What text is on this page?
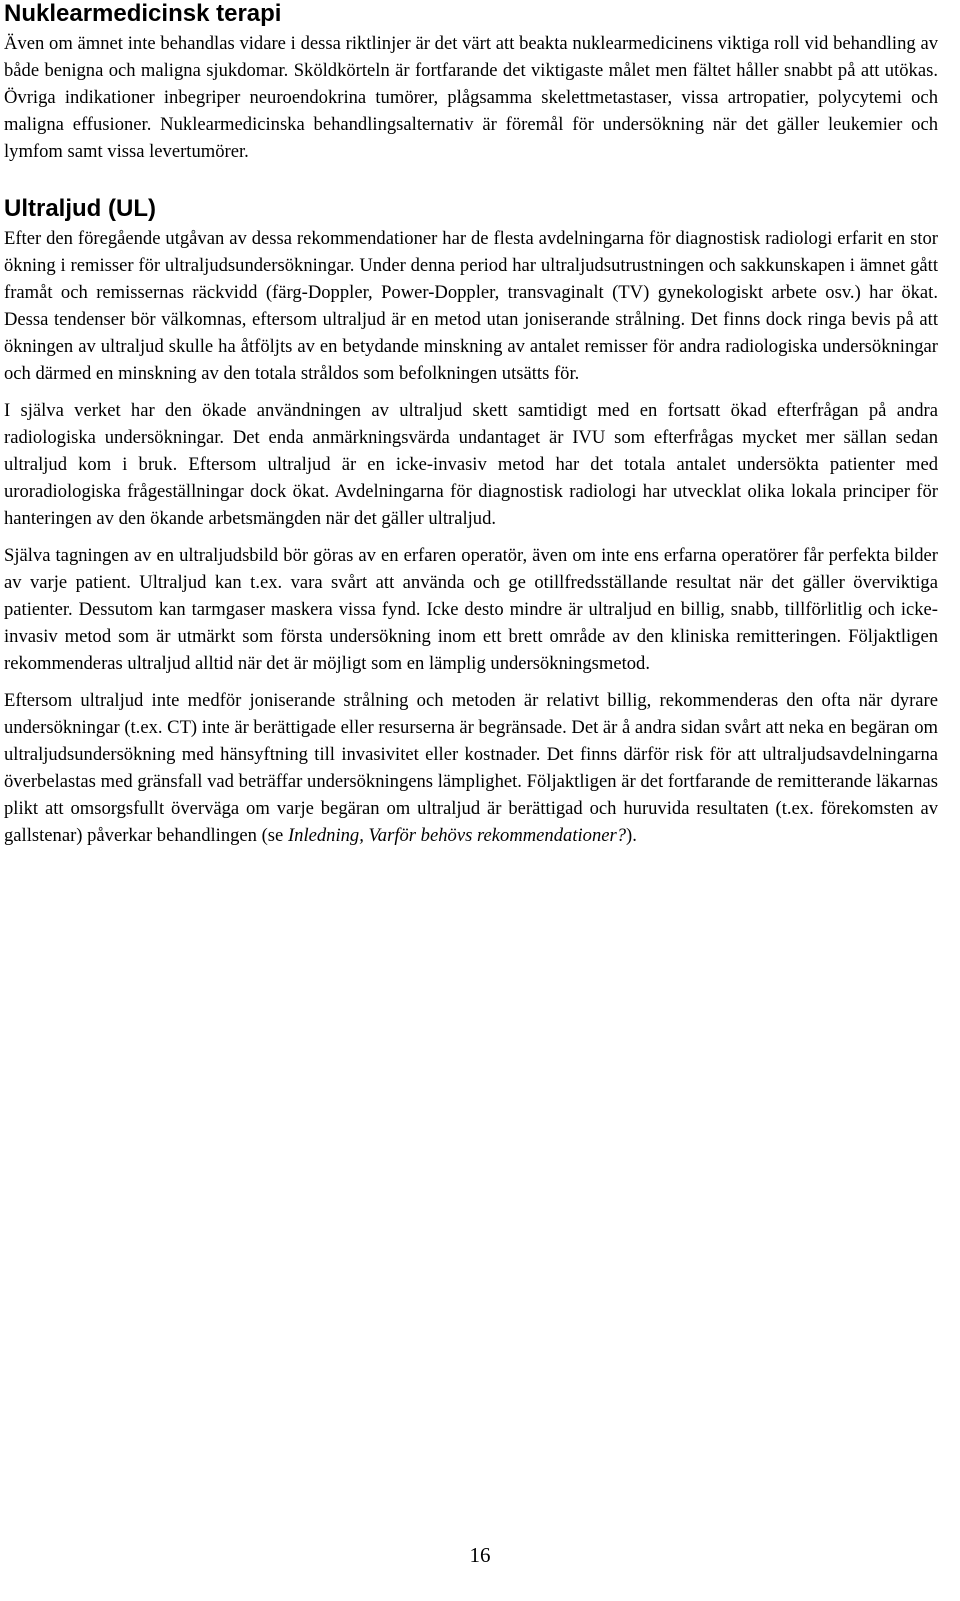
Nuklearmedicinsk terapi

Även om ämnet inte behandlas vidare i dessa riktlinjer är det värt att beakta nuklearmedicinens viktiga roll vid behandling av både benigna och maligna sjukdomar. Sköldkörteln är fortfarande det viktigaste målet men fältet håller snabbt på att utökas. Övriga indikationer inbegriper neuroendokrina tumörer, plågsamma skelettmetastaser, vissa artropatier, polycytemi och maligna effusioner. Nuklearmedicinska behandlingsalternativ är föremål för undersökning när det gäller leukemier och lymfom samt vissa levertumörer.

Ultraljud (UL)

Efter den föregående utgåvan av dessa rekommendationer har de flesta avdelningarna för diagnostisk radiologi erfarit en stor ökning i remisser för ultraljudsundersökningar. Under denna period har ultraljudsutrustningen och sakkunskapen i ämnet gått framåt och remissernas räckvidd (färg-Doppler, Power-Doppler, transvaginalt (TV) gynekologiskt arbete osv.) har ökat. Dessa tendenser bör välkomnas, eftersom ultraljud är en metod utan joniserande strålning. Det finns dock ringa bevis på att ökningen av ultraljud skulle ha åtföljts av en betydande minskning av antalet remisser för andra radiologiska undersökningar och därmed en minskning av den totala stråldos som befolkningen utsätts för.

I själva verket har den ökade användningen av ultraljud skett samtidigt med en fortsatt ökad efterfrågan på andra radiologiska undersökningar. Det enda anmärkningsvärda undantaget är IVU som efterfrågas mycket mer sällan sedan ultraljud kom i bruk. Eftersom ultraljud är en icke-invasiv metod har det totala antalet undersökta patienter med uroradiologiska frågeställningar dock ökat. Avdelningarna för diagnostisk radiologi har utvecklat olika lokala principer för hanteringen av den ökande arbetsmängden när det gäller ultraljud.

Själva tagningen av en ultraljudsbild bör göras av en erfaren operatör, även om inte ens erfarna operatörer får perfekta bilder av varje patient. Ultraljud kan t.ex. vara svårt att använda och ge otillfredsställande resultat när det gäller överviktiga patienter. Dessutom kan tarmgaser maskera vissa fynd. Icke desto mindre är ultraljud en billig, snabb, tillförlitlig och icke-invasiv metod som är utmärkt som första undersökning inom ett brett område av den kliniska remitteringen. Följaktligen rekommenderas ultraljud alltid när det är möjligt som en lämplig undersökningsmetod.

Eftersom ultraljud inte medför joniserande strålning och metoden är relativt billig, rekommenderas den ofta när dyrare undersökningar (t.ex. CT) inte är berättigade eller resurserna är begränsade. Det är å andra sidan svårt att neka en begäran om ultraljudsundersökning med hänsyftning till invasivitet eller kostnader. Det finns därför risk för att ultraljudsavdelningarna överbelastas med gränsfall vad beträffar undersökningens lämplighet. Följaktligen är det fortfarande de remitterande läkarnas plikt att omsorgsfullt överväga om varje begäran om ultraljud är berättigad och huruvida resultaten (t.ex. förekomsten av gallstenar) påverkar behandlingen (se Inledning, Varför behövs rekommendationer?).

16
